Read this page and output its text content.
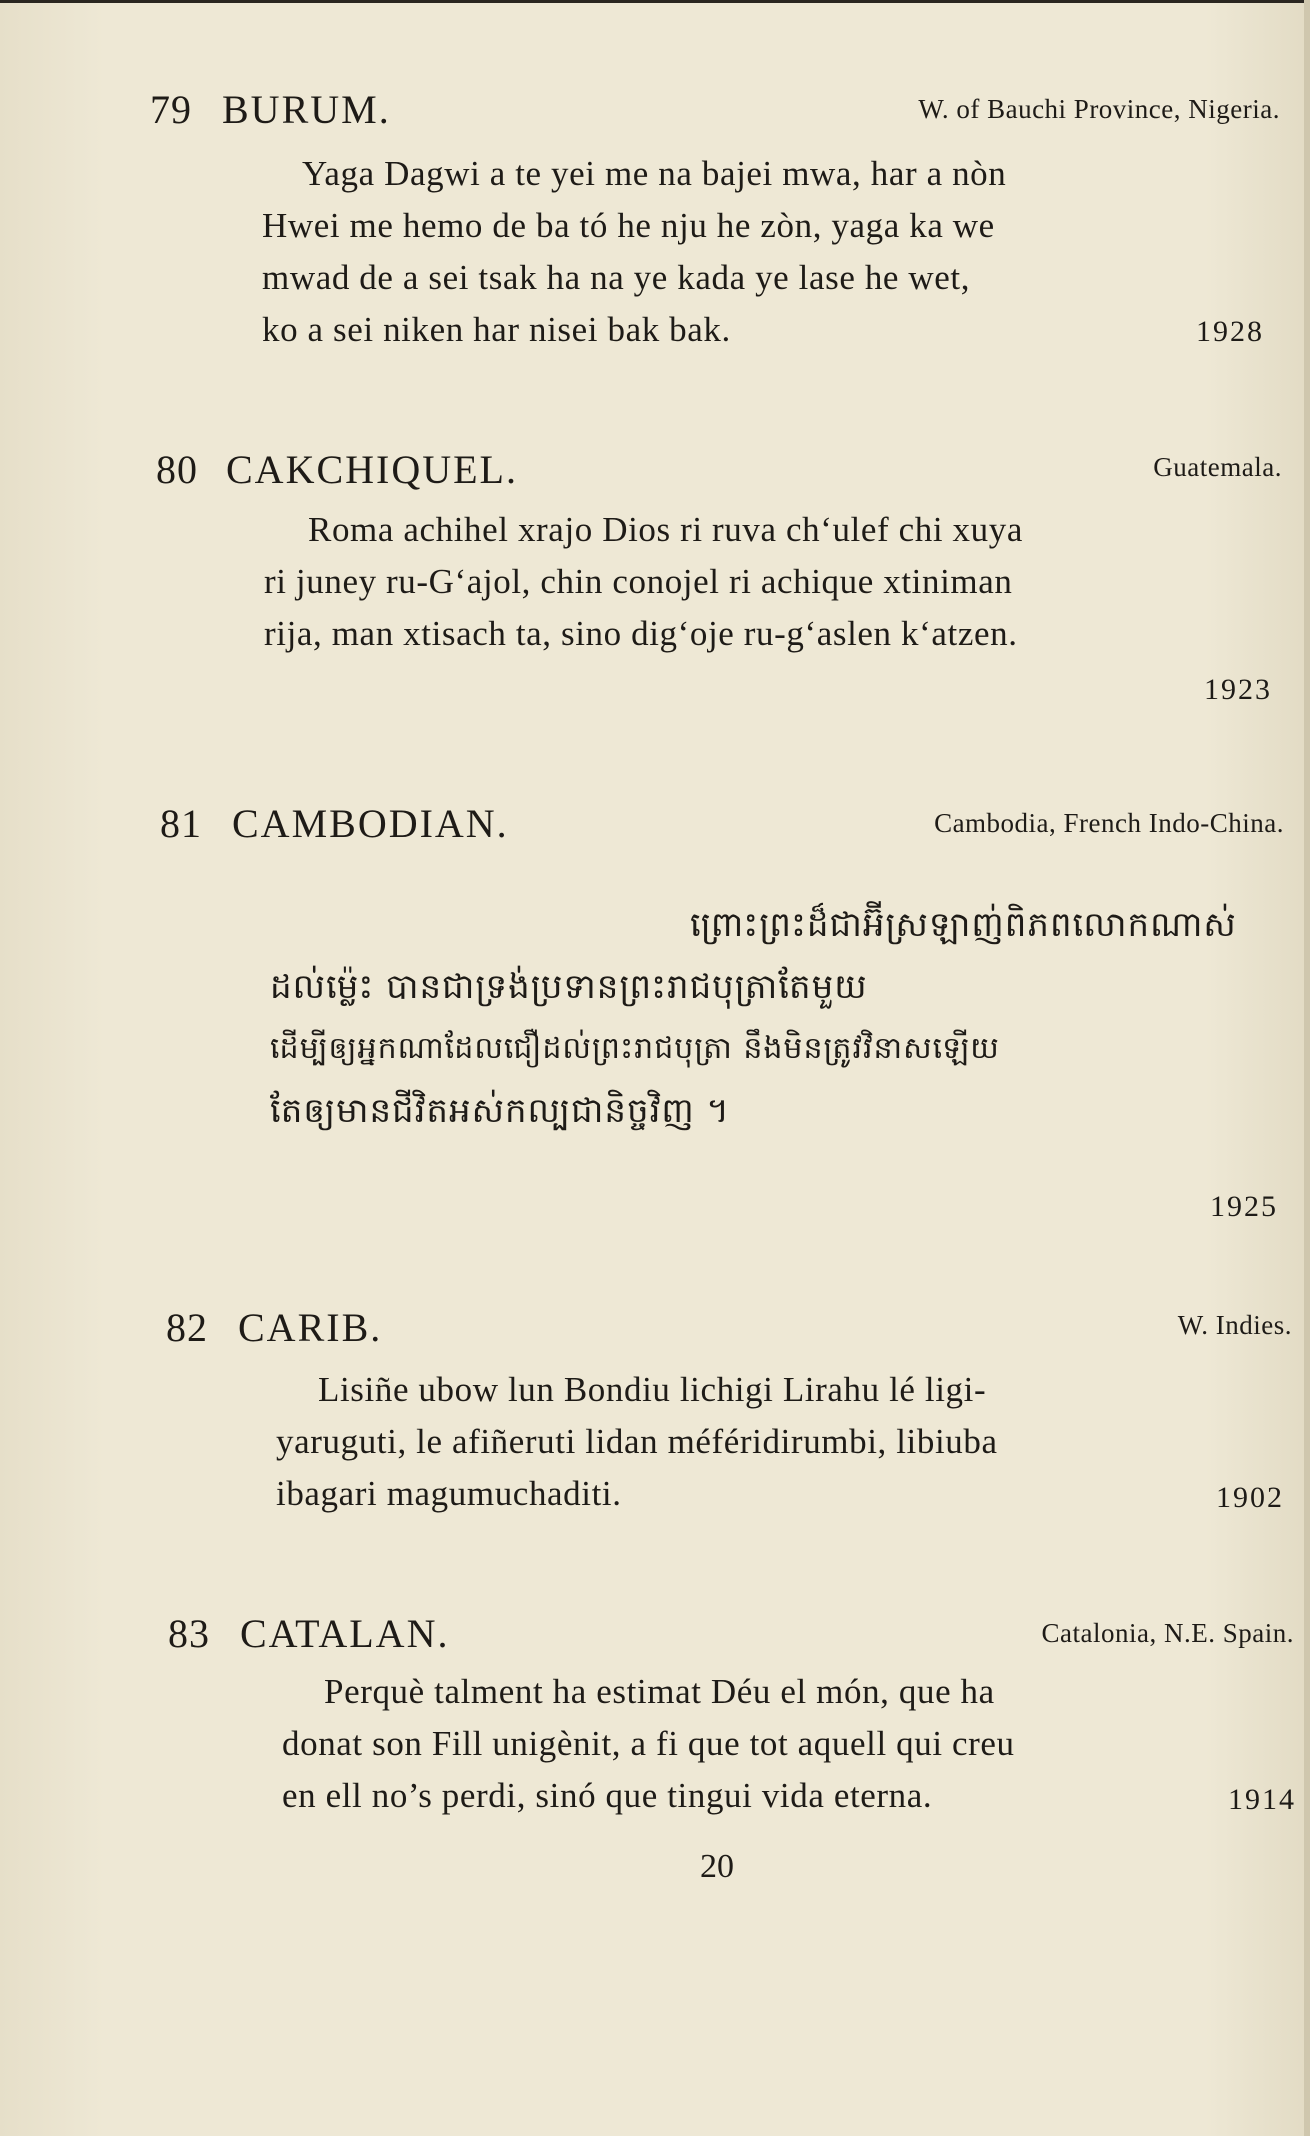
79 BURUM.	W. of Bauchi Province, Nigeria.
Yaga Dagwi a te yei me na bajei mwa, har a nòn
Hwei me hemo de ba tó he nju he zòn, yaga ka we
mwad de a sei tsak ha na ye kada ye lase he wet,
ko a sei niken har nisei bak bak.	1928
80 CAKCHIQUEL.	Guatemala.
Roma achihel xrajo Dios ri ruva ch‘ulef chi xuya
ri juney ru-G‘ajol, chin conojel ri achique xtiniman
rija, man xtisach ta, sino dig‘oje ru-g‘aslen k‘atzen.
1923
81 CAMBODIAN.	Cambodia, French Indo-China.
ព្រោះព្រះដ៏ជាអ៊ី​ស្រឡាញ់​ពិភព​លោក​ណាស់
ដល់ម្ល៉េះ បានជាទ្រង់ប្រទានព្រះរាជបុត្រាតែមួយ
ដើម្បីឲ្យអ្នកណាដែលជឿដល់ព្រះរាជបុត្រា នឹងមិនត្រូវវិនាសឡើយ
តែឲ្យមានជីវិតអស់កល្បជានិច្ចវិញ ។
1925
82 CARIB.	W. Indies.
Lisiñe ubow lun Bondiu lichigi Lirahu lé ligi-
yaruguti, le afiñeruti lidan méféridirumbi, libiuba
ibagari magumuchaditi.	1902
83 CATALAN.	Catalonia, N.E. Spain.
Perquè talment ha estimat Déu el món, que ha
donat son Fill unigènit, a fi que tot aquell qui creu
en ell no’s perdi, sinó que tingui vida eterna.	1914
20
